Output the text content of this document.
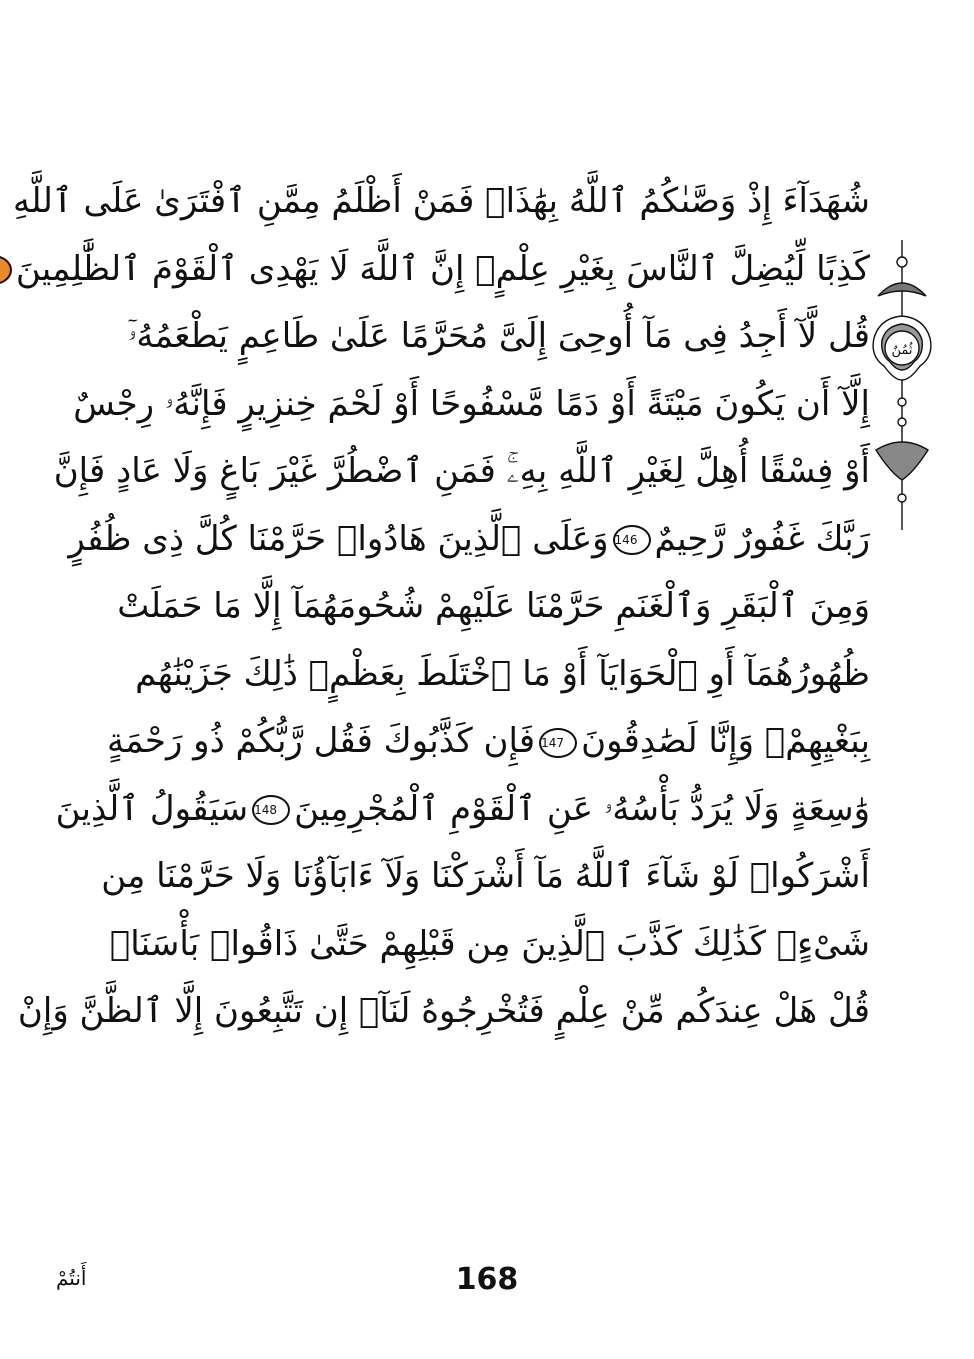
شُهَدَآءَ إِذْ وَصَّىٰكُمُ ٱللَّهُ بِهَٰذَاۚ فَمَنْ أَظْلَمُ مِمَّنِ ٱفْتَرَىٰ عَلَى ٱللَّهِ
كَذِبًا لِّيُضِلَّ ٱلنَّاسَ بِغَيْرِ عِلْمٍۚ إِنَّ ٱللَّهَ لَا يَهْدِى ٱلْقَوْمَ ٱلظَّٰلِمِينَ
قُل لَّآ أَجِدُ فِى مَآ أُوحِىَ إِلَىَّ مُحَرَّمًا عَلَىٰ طَاعِمٍ يَطْعَمُهُۥٓ
إِلَّآ أَن يَكُونَ مَيْتَةً أَوْ دَمًا مَّسْفُوحًا أَوْ لَحْمَ خِنزِيرٍ فَإِنَّهُۥ رِجْسٌ
أَوْ فِسْقًا أُهِلَّ لِغَيْرِ ٱللَّهِ بِهِۦۚ فَمَنِ ٱضْطُرَّ غَيْرَ بَاغٍ وَلَا عَادٍ فَإِنَّ
رَبَّكَ غَفُورٌ رَّحِيمٌ146وَعَلَى ٱلَّذِينَ هَادُوا۟ حَرَّمْنَا كُلَّ ذِى ظُفُرٍ
وَمِنَ ٱلْبَقَرِ وَٱلْغَنَمِ حَرَّمْنَا عَلَيْهِمْ شُحُومَهُمَآ إِلَّا مَا حَمَلَتْ
ظُهُورُهُمَآ أَوِ ٱلْحَوَايَآ أَوْ مَا ٱخْتَلَطَ بِعَظْمٍۚ ذَٰلِكَ جَزَيْنَٰهُم
بِبَغْيِهِمْۖ وَإِنَّا لَصَٰدِقُونَ147فَإِن كَذَّبُوكَ فَقُل رَّبُّكُمْ ذُو رَحْمَةٍ
وَٰسِعَةٍ وَلَا يُرَدُّ بَأْسُهُۥ عَنِ ٱلْقَوْمِ ٱلْمُجْرِمِينَ148سَيَقُولُ ٱلَّذِينَ
أَشْرَكُوا۟ لَوْ شَآءَ ٱللَّهُ مَآ أَشْرَكْنَا وَلَآ ءَابَآؤُنَا وَلَا حَرَّمْنَا مِن
شَىْءٍۚ كَذَٰلِكَ كَذَّبَ ٱلَّذِينَ مِن قَبْلِهِمْ حَتَّىٰ ذَاقُوا۟ بَأْسَنَاۗ
قُلْ هَلْ عِندَكُم مِّنْ عِلْمٍ فَتُخْرِجُوهُ لَنَآۖ إِن تَتَّبِعُونَ إِلَّا ٱلظَّنَّ وَإِنْ
ثُمُنٌ
168
أَنتُمْ
